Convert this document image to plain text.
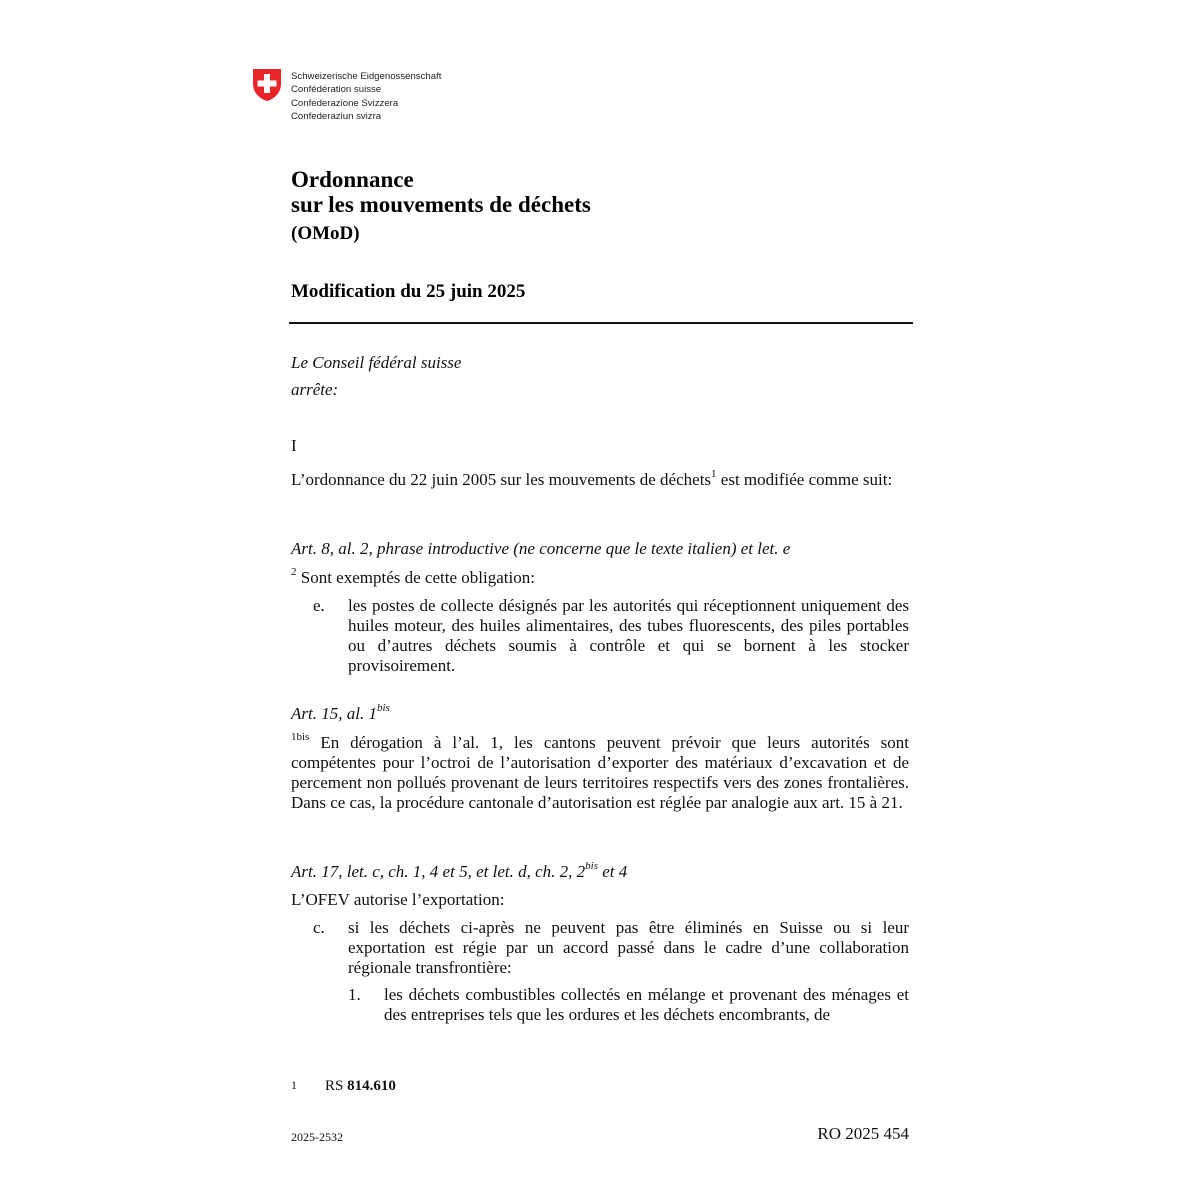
Schweizerische Eidgenossenschaft
Confédération suisse
Confederazione Svizzera
Confederaziun svizra
Ordonnance
sur les mouvements de déchets
(OMoD)
Modification du 25 juin 2025
Le Conseil fédéral suisse
arrête:
I
L’ordonnance du 22 juin 2005 sur les mouvements de déchets$^1$ est modifiée comme suit:
Art. 8, al. 2, phrase introductive (ne concerne que le texte italien) et let. e
$^2$ Sont exemptés de cette obligation:
e. les postes de collecte désignés par les autorités qui réceptionnent uniquement des huiles moteur, des huiles alimentaires, des tubes fluorescents, des piles portables ou d’autres déchets soumis à contrôle et qui se bornent à les stocker provisoirement.
Art. 15, al. $1^{bis}$
$^{1bis}$ En dérogation à l’al. 1, les cantons peuvent prévoir que leurs autorités sont compétentes pour l’octroi de l’autorisation d’exporter des matériaux d’excavation et de percement non pollués provenant de leurs territoires respectifs vers des zones frontalières. Dans ce cas, la procédure cantonale d’autorisation est réglée par analogie aux art. 15 à 21.
Art. 17, let. c, ch. 1, 4 et 5, et let. d, ch. 2, $2^{bis}$ et 4
L’OFEV autorise l’exportation:
c. si les déchets ci-après ne peuvent pas être éliminés en Suisse ou si leur exportation est régie par un accord passé dans le cadre d’une collaboration régionale transfrontière:
1. les déchets combustibles collectés en mélange et provenant des ménages et des entreprises tels que les ordures et les déchets encombrants, de
1 RS 814.610
2025-2532	RO 2025 454
